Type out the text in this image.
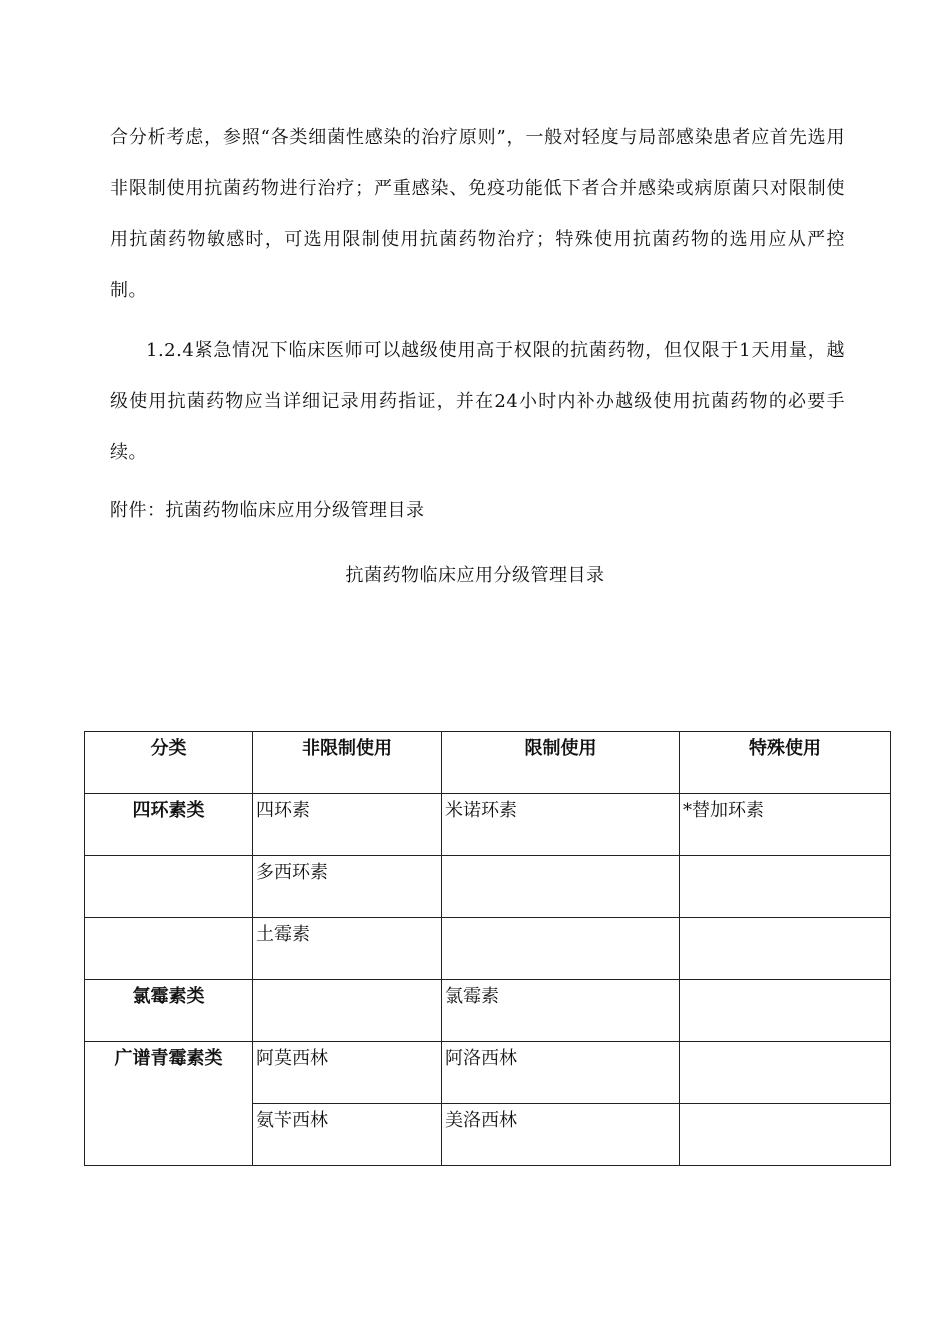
合分析考虑，参照“各类细菌性感染的治疗原则”，一般对轻度与局部感染患者应首先选用非限制使用抗菌药物进行治疗；严重感染、免疫功能低下者合并感染或病原菌只对限制使用抗菌药物敏感时，可选用限制使用抗菌药物治疗；特殊使用抗菌药物的选用应从严控制。

1.2.4紧急情况下临床医师可以越级使用高于权限的抗菌药物，但仅限于1天用量，越级使用抗菌药物应当详细记录用药指证，并在24小时内补办越级使用抗菌药物的必要手续。

附件：抗菌药物临床应用分级管理目录

抗菌药物临床应用分级管理目录

分类	非限制使用	限制使用	特殊使用
四环素类	四环素	米诺环素	*替加环素
	多西环素		
	土霉素		
氯霉素类		氯霉素	
广谱青霉素类	阿莫西林	阿洛西林	
	氨苄西林	美洛西林	
